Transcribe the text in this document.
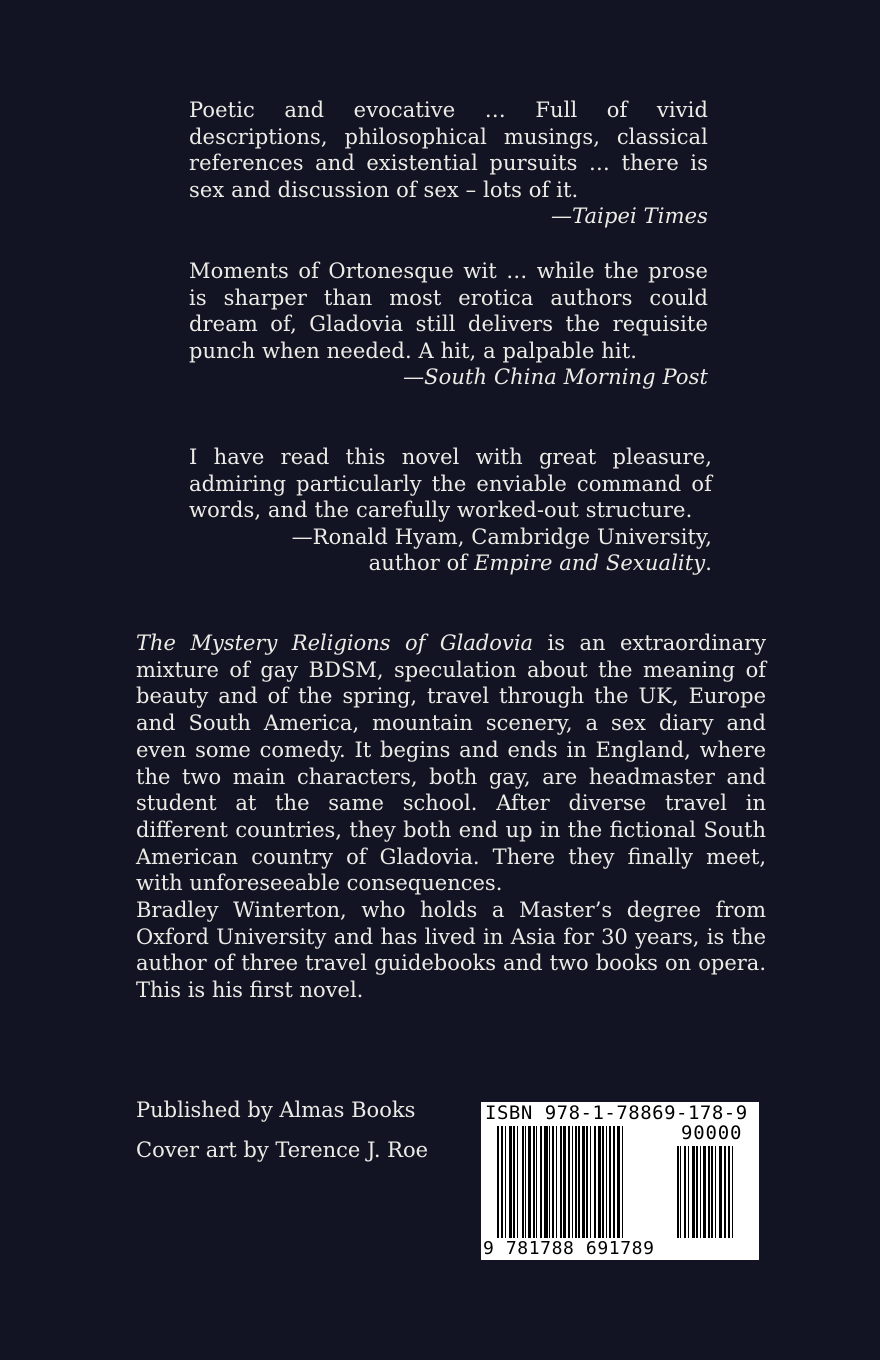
Poetic and evocative … Full of vivid descriptions, philosophical musings, classical references and existential pursuits … there is sex and discussion of sex – lots of it.

—Taipei Times

Moments of Ortonesque wit … while the prose is sharper than most erotica authors could dream of, Gladovia still delivers the requisite punch when needed. A hit, a palpable hit.

—South China Morning Post

I have read this novel with great pleasure, admiring particularly the enviable command of words, and the carefully worked-out structure.

—Ronald Hyam, Cambridge University,

author of Empire and Sexuality.

The Mystery Religions of Gladovia is an extraordinary mixture of gay BDSM, speculation about the meaning of beauty and of the spring, travel through the UK, Europe and South America, mountain scenery, a sex diary and even some comedy. It begins and ends in England, where the two main characters, both gay, are headmaster and student at the same school. After diverse travel in different countries, they both end up in the fictional South American country of Gladovia. There they finally meet, with unforeseeable consequences.

Bradley Winterton, who holds a Master’s degree from Oxford University and has lived in Asia for 30 years, is the author of three travel guidebooks and two books on opera. This is his first novel.

Published by Almas Books

Cover art by Terence J. Roe

ISBN 978-1-78869-178-9
90000
9 781788 691789
